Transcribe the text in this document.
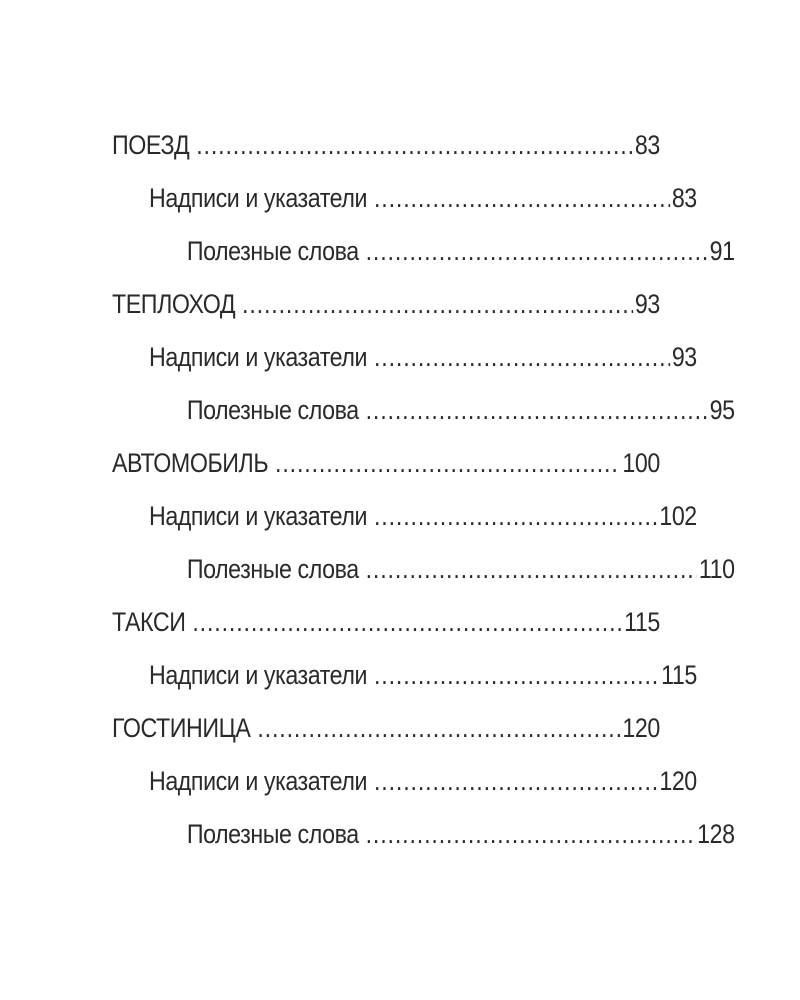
ПОЕЗД .....	83
Надписи и указатели .....	83
Полезные слова .....	91
ТЕПЛОХОД .....	93
Надписи и указатели .....	93
Полезные слова .....	95
АВТОМОБИЛЬ .....	100
Надписи и указатели .....	102
Полезные слова .....	110
ТАКСИ .....	115
Надписи и указатели .....	115
ГОСТИНИЦА .....	120
Надписи и указатели .....	120
Полезные слова .....	128
